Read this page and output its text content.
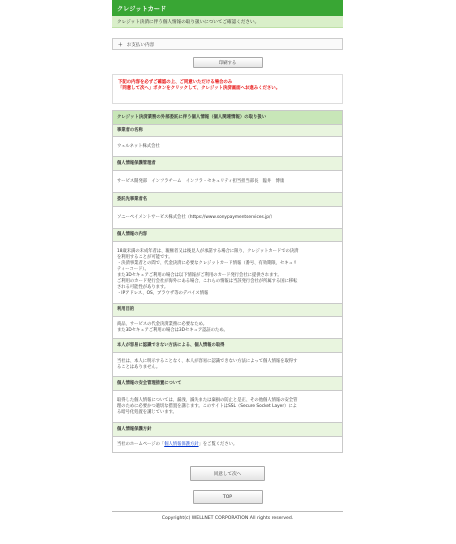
クレジットカード
クレジット決済に伴う個人情報の取り扱いについてご確認ください。
＋ お支払い内容
印刷する
下記の内容を必ずご確認の上、ご同意いただける場合のみ
「同意して次へ」ボタンをクリックして、クレジット決済画面へお進みください。
クレジット決済業務の外部委託に伴う個人情報（個人関連情報）の取り扱い
事業者の名称
ウェルネット株式会社
個人情報保護管理者
サービス開発部　インフラチーム　インフラ・セキュリティ担当担当部長　臨井　博康
委託先事業者名
ソニーペイメントサービス株式会社（https://www.sonypaymentservices.jp/）
個人情報の内容

18歳未満の未成年者は、親権者又は後見人が承諾する場合に限り、クレジットカードでの決済
を利用することが可能です。
・決済事業者との間で、代金決済に必要なクレジットカード情報（番号、有効期限、セキュリ
ティーコード）。
また3Dセキュアご利用の場合は以下情報がご利用のカード発行会社に提供されます。
ご利用のカード発行会社が海外にある場合、これらの情報は当該発行会社が所属する国に移転
される可能性があります。
・IPアドレス、OS、ブラウザ等のデバイス情報

利用目的

商品、サービスの代金決済業務に必要なため。
また3Dセキュアご利用の場合は3Dセキュア認証のため。

本人が容易に認識できない方法による、個人情報の取得

当社は、本人に明示することなく、本人が容易に認識できない方法によって個人情報を取得す
ることはありません。

個人情報の安全管理措置について

取得した個人情報については、漏洩、滅失または棄損の防止と是正、その他個人情報の安全管
理のために必要かつ適切な措置を講じます。このサイトはSSL（Secure Socket Layer）によ
る暗号化処置を講じています。

個人情報保護方針
当社のホームページの「個人情報保護方針」をご覧ください。
同意して次へ
TOP
Copyright(c) WELLNET CORPORATION All rights reserved.
